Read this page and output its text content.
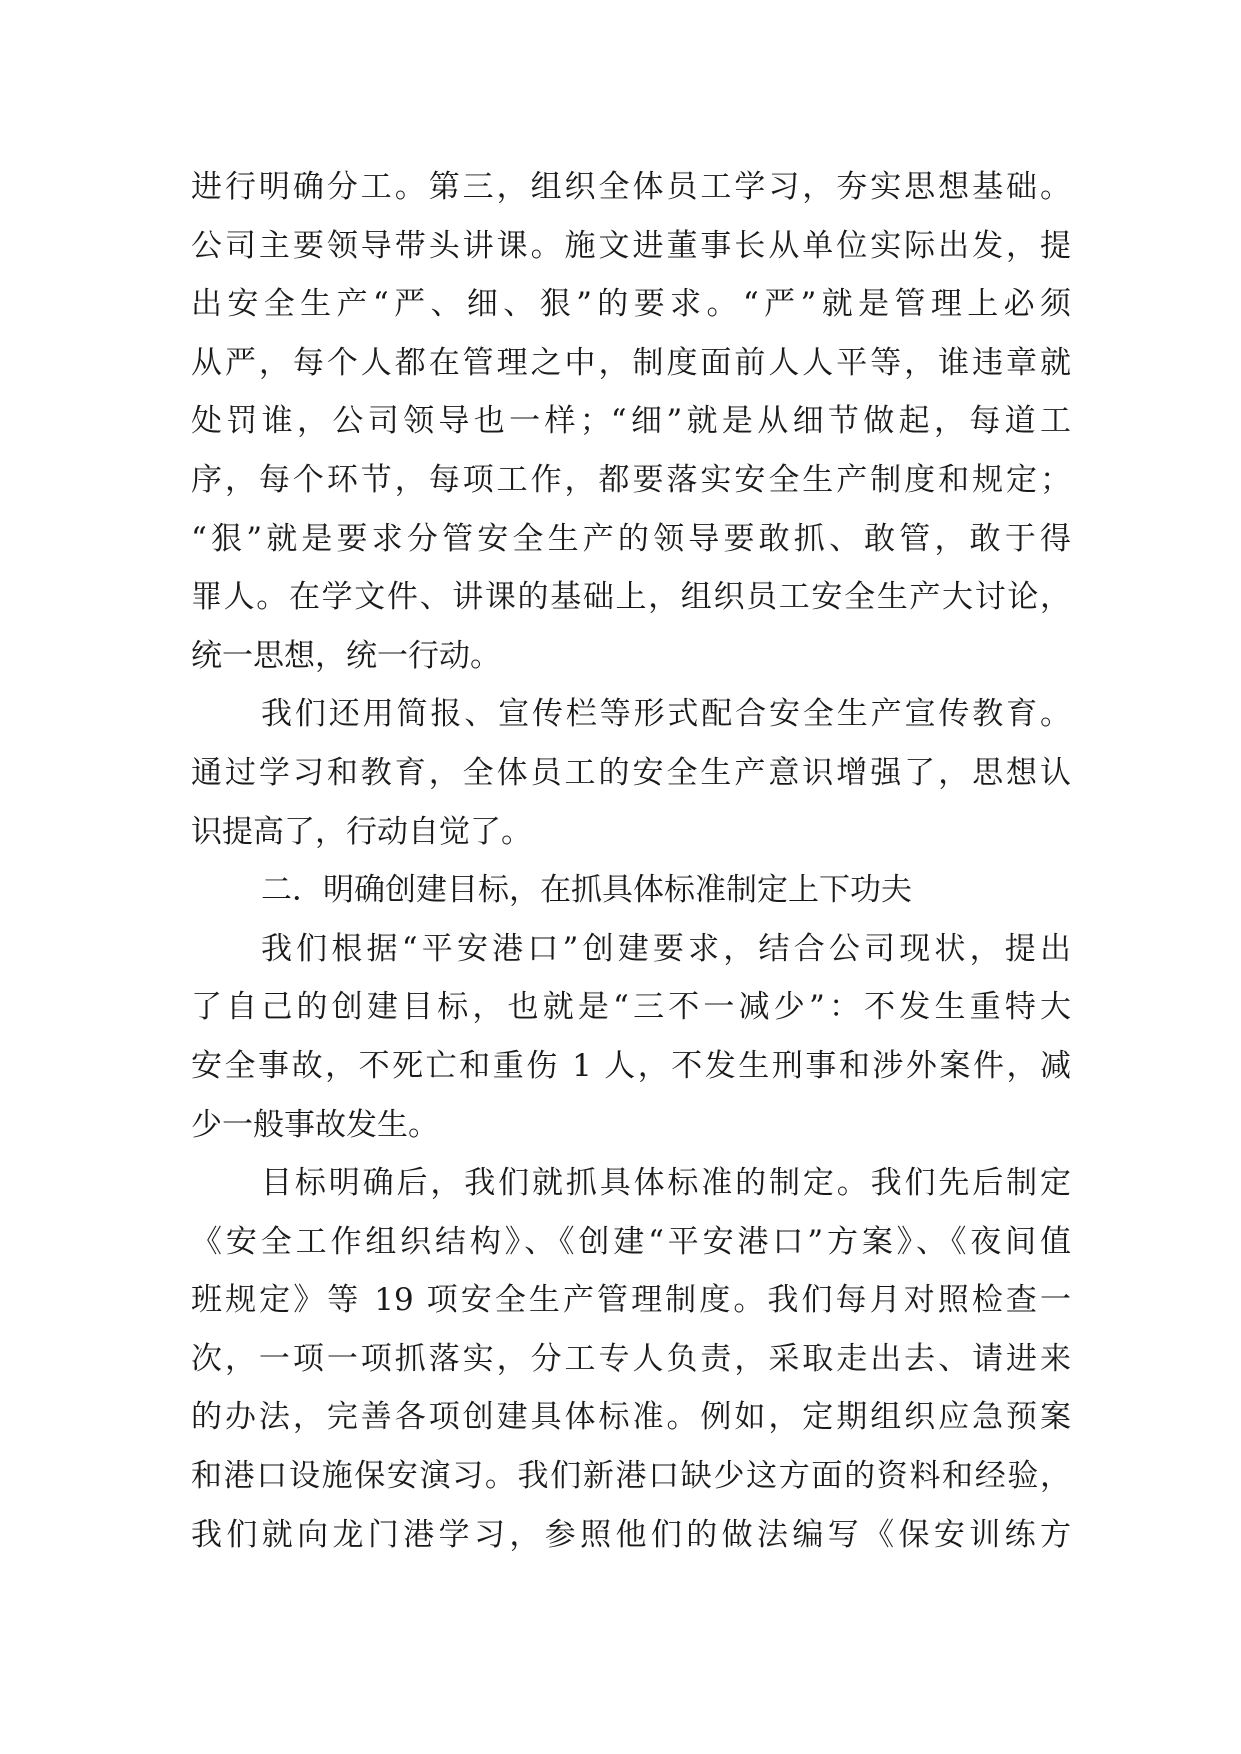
进行明确分工。第三，组织全体员工学习，夯实思想基础。
公司主要领导带头讲课。施文进董事长从单位实际出发，提
出安全生产“严、细、狠”的要求。“严”就是管理上必须
从严，每个人都在管理之中，制度面前人人平等，谁违章就
处罚谁，公司领导也一样；“细”就是从细节做起，每道工
序，每个环节，每项工作，都要落实安全生产制度和规定；
“狠”就是要求分管安全生产的领导要敢抓、敢管，敢于得
罪人。在学文件、讲课的基础上，组织员工安全生产大讨论，
统一思想，统一行动。
我们还用简报、宣传栏等形式配合安全生产宣传教育。
通过学习和教育，全体员工的安全生产意识增强了，思想认
识提高了，行动自觉了。
二．明确创建目标，在抓具体标准制定上下功夫
我们根据“平安港口”创建要求，结合公司现状，提出
了自己的创建目标，也就是“三不一减少”：不发生重特大
安全事故，不死亡和重伤 1 人，不发生刑事和涉外案件，减
少一般事故发生。
目标明确后，我们就抓具体标准的制定。我们先后制定
《安全工作组织结构》、《创建“平安港口”方案》、《夜间值
班规定》等 19 项安全生产管理制度。我们每月对照检查一
次，一项一项抓落实，分工专人负责，采取走出去、请进来
的办法，完善各项创建具体标准。例如，定期组织应急预案
和港口设施保安演习。我们新港口缺少这方面的资料和经验，
我们就向龙门港学习，参照他们的做法编写《保安训练方
